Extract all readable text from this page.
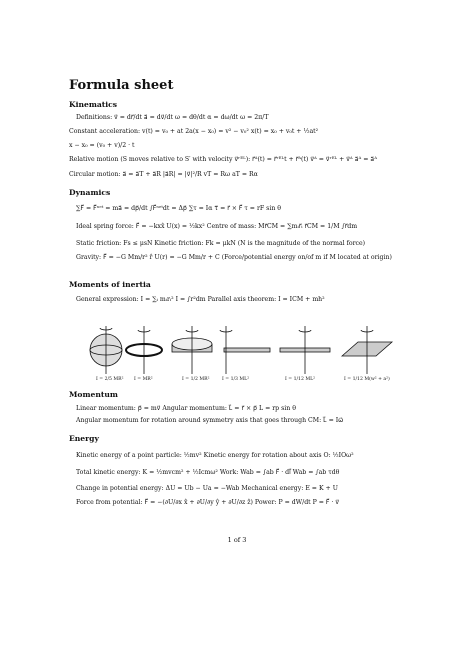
Formula sheet
Kinematics
Definitions: v⃗ = dr⃗/dt a⃗ = dv⃗/dt ω = dθ/dt α = dω/dt ω = 2π/T
Constant acceleration: v(t) = v₀ + at 2a(x − x₀) = v² − v₀² x(t) = x₀ + v₀t + ½at²
x − x₀ = (v₀ + v)/2 · t
Relative motion (S moves relative to S′ with velocity v⃗ʳᴱᴸ): r⃗ᴬ(t) = r⃗ʳᴱᴸt + r⃗ᴬ(t) v⃗ᴬ = v⃗ʳᴱᴸ + v⃗ᴬ a⃗ᴬ = a⃗ᴬ
Circular motion: a⃗ = a⃗T + a⃗R |a⃗R| = |v⃗|²/R vT = Rω aT = Rα
Dynamics
∑F⃗ = F⃗ⁿᵉᵗ = ma⃗ = dp⃗/dt ∫F⃗ⁿᵉᵗdt = Δp⃗ ∑τ = Iα τ⃗ = r⃗ × F⃗ τ = rF sin θ
Ideal spring force: F⃗ = −kxx̂ U(x) = ½kx² Centre of mass: Mr⃗CM = ∑mᵢr⃗ᵢ r⃗CM = 1/M ∫r⃗dm
Static friction: Fs ≤ μsN Kinetic friction: Fk = μkN (N is the magnitude of the normal force)
Gravity: F⃗ = −G Mm/r² r̂ U(r) = −G Mm/r + C (Force/potential energy on/of m if M located at origin)
Moments of inertia
General expression: I = ∑ᵢ mᵢrᵢ² I = ∫r²dm Parallel axis theorem: I = ICM + mh²
I = 2/5 MR² I = MR²	I = 1/2 MR²	I = 1/3 ML²	I = 1/12 ML²	I = 1/12 M(w² + a²)
Momentum
Linear momentum: p⃗ = mv⃗ Angular momentum: L⃗ = r⃗ × p⃗ L = rp sin θ
Angular momentum for rotation around symmetry axis that goes through CM: L⃗ = Iω⃗
Energy
Kinetic energy of a point particle: ½mv² Kinetic energy for rotation about axis O: ½IOω²
Total kinetic energy: K = ½mvcm² + ½Icmω² Work: Wab = ∫ab F⃗ · dl⃗ Wab = ∫ab τdθ
Change in potential energy: ΔU = Ub − Ua = −Wab Mechanical energy: E = K + U
Force from potential: F⃗ = −(∂U/∂x x̂ + ∂U/∂y ŷ + ∂U/∂z ẑ) Power: P = dW/dt P = F⃗ · v⃗
1 of 3
